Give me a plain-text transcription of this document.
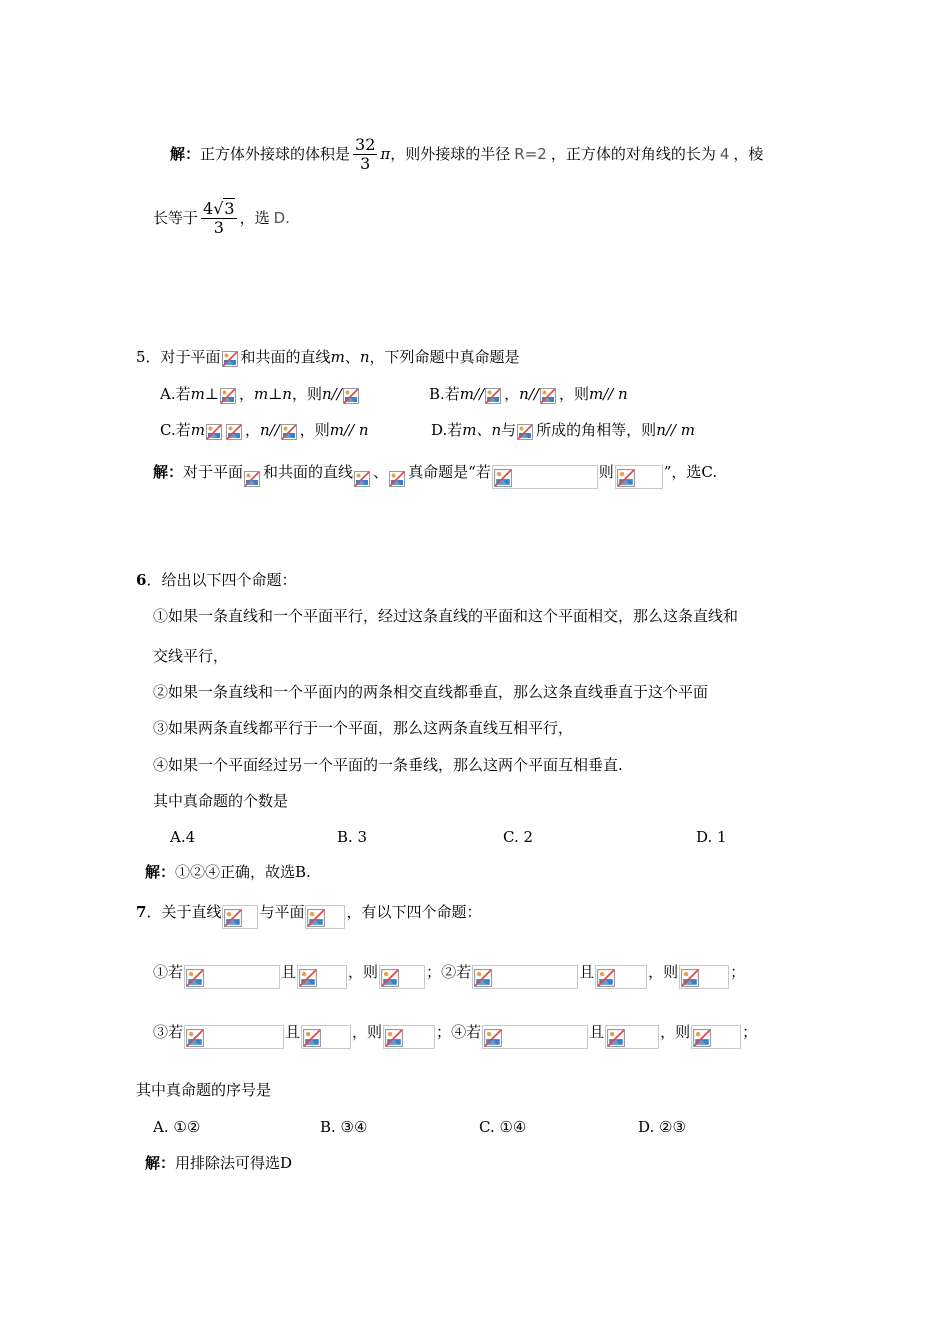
解：正方体外接球的体积是 $\frac{32}{3}$ π，则外接球的半径 R=2 ，正方体的对角线的长为 4 ，棱
长等于 $\frac{4√3}{3}$ ，选 D.
5．对于平面 和共面的直线m、n，下列命题中真命题是
A.若m⊥ ，m⊥n，则n//	B.若m// ，n// ，则m// n
C.若m	，n// ，则m// n	D.若m、n与 所成的角相等，则n// m
解：对于平面 和共面的直线 、 真命题是“若	则	”，选C.
6．给出以下四个命题：
①如果一条直线和一个平面平行，经过这条直线的平面和这个平面相交，那么这条直线和
交线平行，
②如果一条直线和一个平面内的两条相交直线都垂直，那么这条直线垂直于这个平面
③如果两条直线都平行于一个平面，那么这两条直线互相平行，
④如果一个平面经过另一个平面的一条垂线，那么这两个平面互相垂直.
其中真命题的个数是
A.4	B. 3	C. 2	D. 1
解：①②④正确，故选B.
7．关于直线	与平面	，有以下四个命题：
①若	且	，则	；②若	且	，则	；
③若	且	，则	；④若	且	，则	；
其中真命题的序号是
A. ①②	B. ③④	C. ①④	D. ②③
解：用排除法可得选D
